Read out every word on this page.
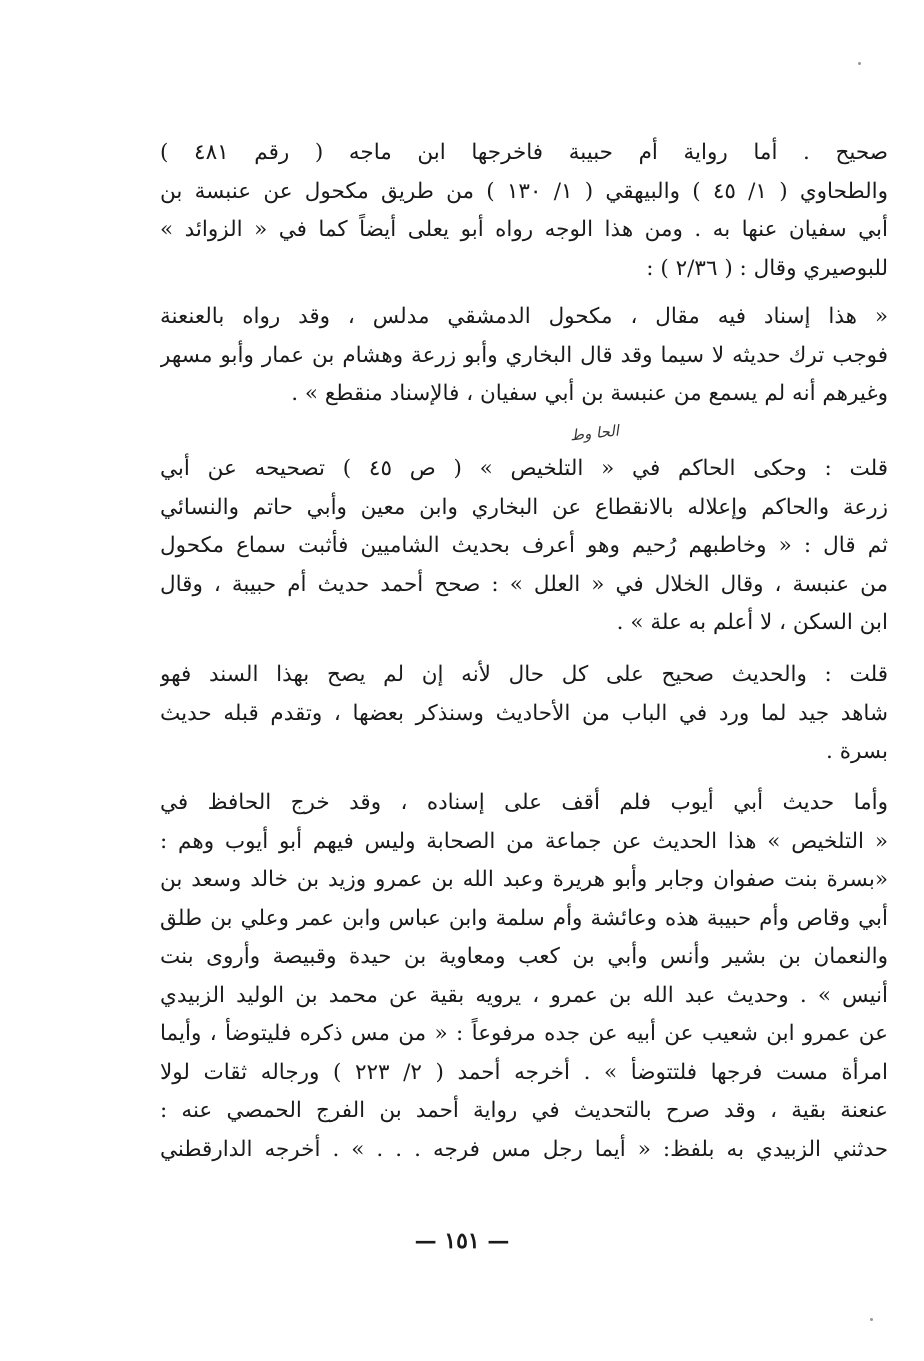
صحيح . أما رواية أم حبيبة فاخرجها ابن ماجه ( رقم ٤٨١ )
والطحاوي ( ١/ ٤٥ ) والبيهقي ( ١/ ١٣٠ ) من طريق مكحول عن عنبسة بن
أبي سفيان عنها به . ومن هذا الوجه رواه أبو يعلى أيضاً كما في « الزوائد »
للبوصيري وقال : ( ٢/٣٦ ) :
« هذا إسناد فيه مقال ، مكحول الدمشقي مدلس ، وقد رواه بالعنعنة
فوجب ترك حديثه لا سيما وقد قال البخاري وأبو زرعة وهشام بن عمار وأبو مسهر
وغيرهم أنه لم يسمع من عنبسة بن أبي سفيان ، فالإسناد منقطع » .
الحا وط
قلت : وحكى الحاكم في « التلخيص » ( ص ٤٥ ) تصحيحه عن أبي
زرعة والحاكم وإعلاله بالانقطاع عن البخاري وابن معين وأبي حاتم والنسائي
ثم قال : « وخاطبهم رُحيم وهو أعرف بحديث الشاميين فأثبت سماع مكحول
من عنبسة ، وقال الخلال في « العلل » : صحح أحمد حديث أم حبيبة ، وقال
ابن السكن ، لا أعلم به علة » .
قلت : والحديث صحيح على كل حال لأنه إن لم يصح بهذا السند فهو
شاهد جيد لما ورد في الباب من الأحاديث وسنذكر بعضها ، وتقدم قبله حديث
بسرة .
وأما حديث أبي أيوب فلم أقف على إسناده ، وقد خرج الحافظ في
« التلخيص » هذا الحديث عن جماعة من الصحابة وليس فيهم أبو أيوب وهم :
«بسرة بنت صفوان وجابر وأبو هريرة وعبد الله بن عمرو وزيد بن خالد وسعد بن
أبي وقاص وأم حبيبة هذه وعائشة وأم سلمة وابن عباس وابن عمر وعلي بن طلق
والنعمان بن بشير وأنس وأبي بن كعب ومعاوية بن حيدة وقبيصة وأروى بنت
أنيس » . وحديث عبد الله بن عمرو ، يرويه بقية عن محمد بن الوليد الزبيدي
عن عمرو ابن شعيب عن أبيه عن جده مرفوعاً : « من مس ذكره فليتوضأ ، وأيما
امرأة مست فرجها فلتتوضأ » . أخرجه أحمد ( ٢/ ٢٢٣ ) ورجاله ثقات لولا
عنعنة بقية ، وقد صرح بالتحديث في رواية أحمد بن الفرج الحمصي عنه :
حدثني الزبيدي به بلفظ: « أيما رجل مس فرجه . . . » . أخرجه الدارقطني
— ١٥١ —
